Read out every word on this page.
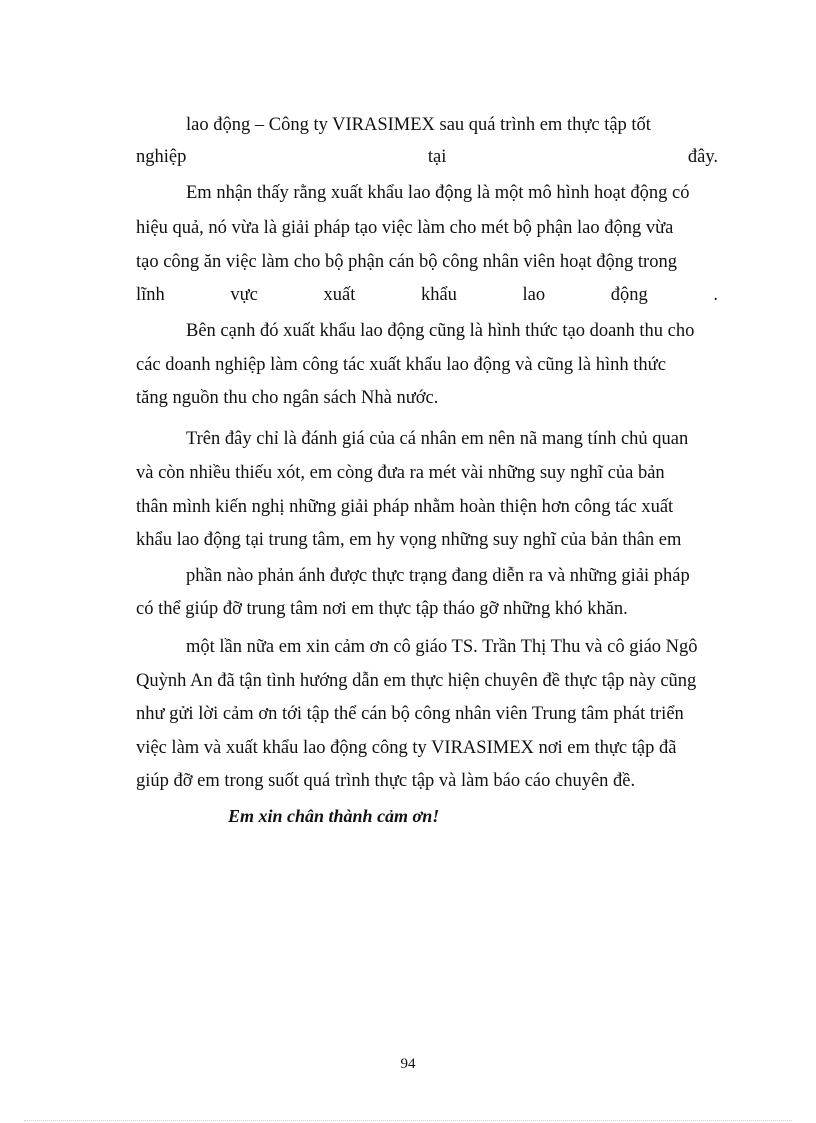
lao động – Công ty VIRASIMEX sau quá trình em thực tập tốt

nghiệp	tại	đây.

Em nhận thấy rằng xuất khẩu lao động là một mô hình hoạt động có

hiệu quả, nó vừa là giải pháp tạo việc làm cho mét bộ phận lao động vừa

tạo công ăn việc làm cho bộ phận cán bộ công nhân viên hoạt động trong

lĩnh	vực	xuất	khẩu	lao	động	.

Bên cạnh đó xuất khẩu lao động cũng là hình thức tạo doanh thu cho

các doanh nghiệp làm công tác xuất khẩu lao động và cũng là hình thức

tăng nguồn thu cho ngân sách Nhà nước.

Trên đây chỉ là đánh giá của cá nhân em nên nã mang tính chủ quan

và còn nhiều thiếu xót, em còng đưa ra mét vài những suy nghĩ của bản

thân mình kiến nghị những giải pháp nhằm hoàn thiện hơn công tác xuất

khẩu lao động tại trung tâm, em hy vọng những suy nghĩ của bản thân em

phần nào phản ánh được thực trạng đang diễn ra và những giải pháp

có thể giúp đỡ trung tâm nơi em thực tập tháo gỡ những khó khăn.

một lần nữa em xin cảm ơn cô giáo TS. Trần Thị Thu và cô giáo Ngô

Quỳnh An đã tận tình hướng dẫn em thực hiện chuyên đề thực tập này cũng

như gửi lời cảm ơn tới tập thể cán bộ công nhân viên Trung tâm phát triển

việc làm và xuất khẩu lao động công ty VIRASIMEX nơi em thực tập đã

giúp đỡ em trong suốt quá trình thực tập và làm báo cáo chuyên đề.

Em xin chân thành cảm ơn!

94
